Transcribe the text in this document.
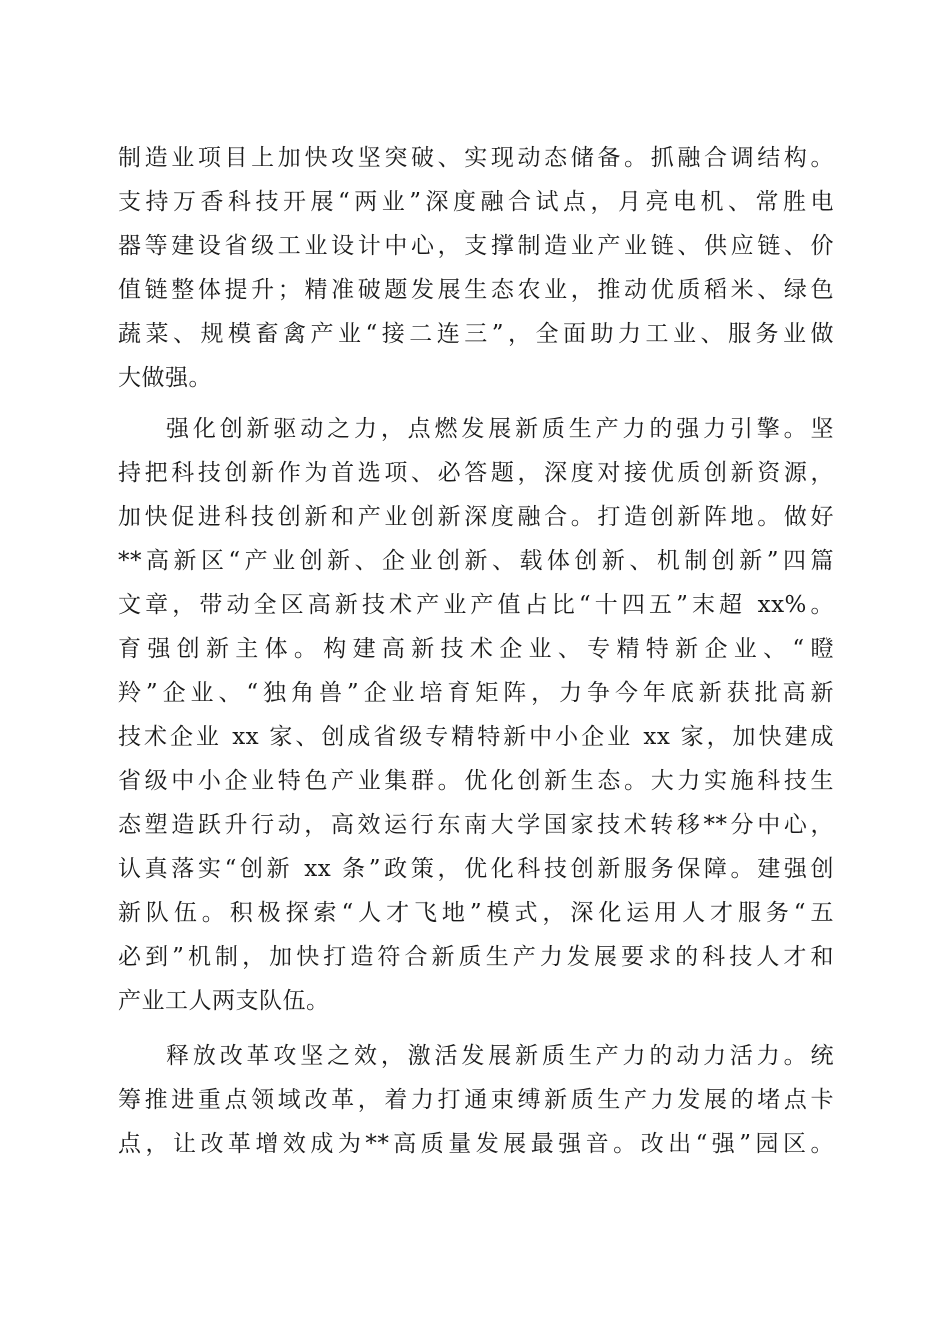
制造业项目上加快攻坚突破、实现动态储备。抓融合调结构。
支持万香科技开展“两业”深度融合试点，月亮电机、常胜电
器等建设省级工业设计中心，支撑制造业产业链、供应链、价
值链整体提升；精准破题发展生态农业，推动优质稻米、绿色
蔬菜、规模畜禽产业“接二连三”，全面助力工业、服务业做
大做强。
强化创新驱动之力，点燃发展新质生产力的强力引擎。坚
持把科技创新作为首选项、必答题，深度对接优质创新资源，
加快促进科技创新和产业创新深度融合。打造创新阵地。做好
**高新区“产业创新、企业创新、载体创新、机制创新”四篇
文章，带动全区高新技术产业产值占比“十四五”末超 xx%。
育强创新主体。构建高新技术企业、专精特新企业、“瞪
羚”企业、“独角兽”企业培育矩阵，力争今年底新获批高新
技术企业 xx 家、创成省级专精特新中小企业 xx 家，加快建成
省级中小企业特色产业集群。优化创新生态。大力实施科技生
态塑造跃升行动，高效运行东南大学国家技术转移**分中心，
认真落实“创新 xx 条”政策，优化科技创新服务保障。建强创
新队伍。积极探索“人才飞地”模式，深化运用人才服务“五
必到”机制，加快打造符合新质生产力发展要求的科技人才和
产业工人两支队伍。
释放改革攻坚之效，激活发展新质生产力的动力活力。统
筹推进重点领域改革，着力打通束缚新质生产力发展的堵点卡
点，让改革增效成为**高质量发展最强音。改出“强”园区。
